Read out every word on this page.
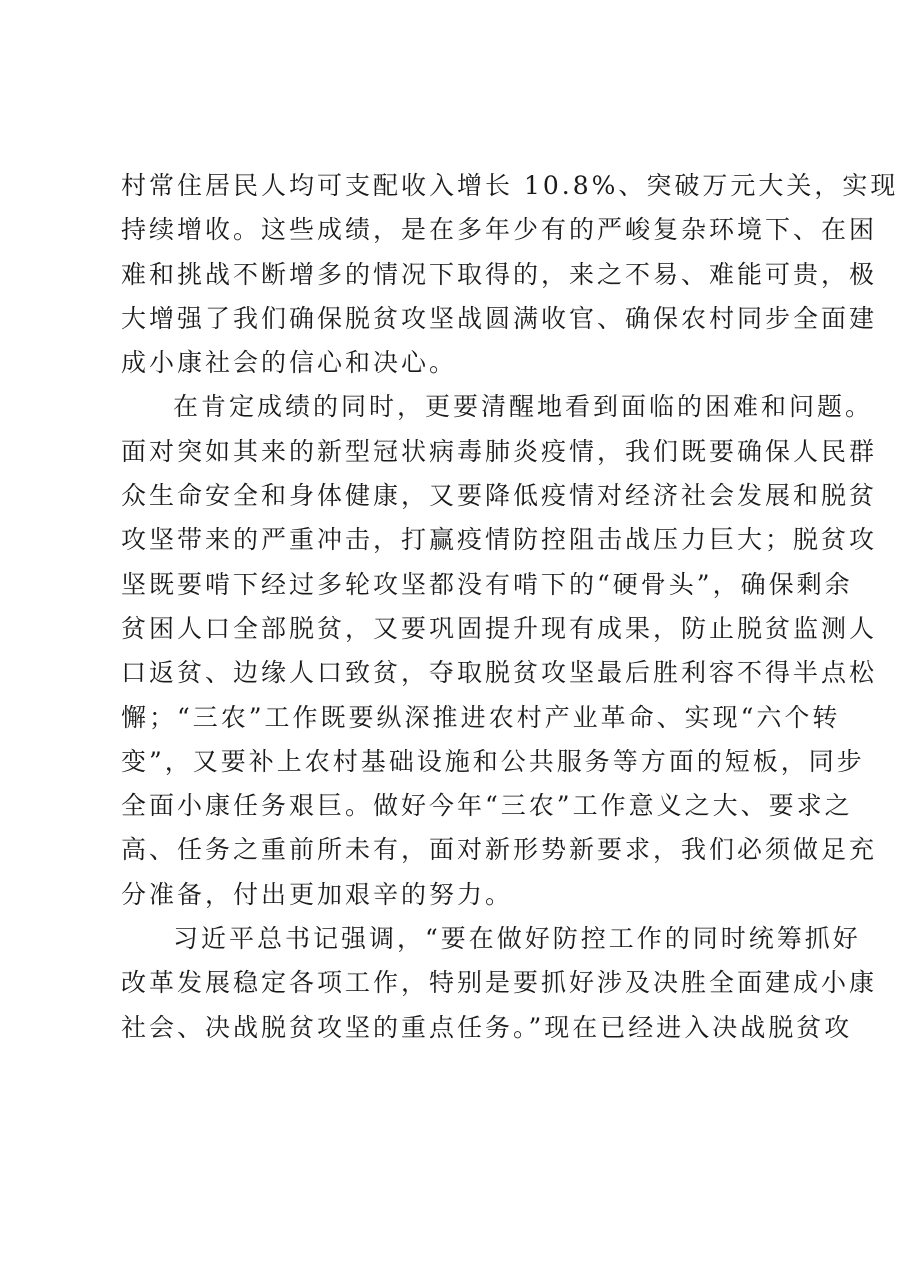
村常住居民人均可支配收入增长 10.8%、突破万元大关，实现
持续增收。这些成绩，是在多年少有的严峻复杂环境下、在困
难和挑战不断增多的情况下取得的，来之不易、难能可贵，极
大增强了我们确保脱贫攻坚战圆满收官、确保农村同步全面建
成小康社会的信心和决心。
在肯定成绩的同时，更要清醒地看到面临的困难和问题。
面对突如其来的新型冠状病毒肺炎疫情，我们既要确保人民群
众生命安全和身体健康，又要降低疫情对经济社会发展和脱贫
攻坚带来的严重冲击，打赢疫情防控阻击战压力巨大；脱贫攻
坚既要啃下经过多轮攻坚都没有啃下的“硬骨头”，确保剩余
贫困人口全部脱贫，又要巩固提升现有成果，防止脱贫监测人
口返贫、边缘人口致贫，夺取脱贫攻坚最后胜利容不得半点松
懈；“三农”工作既要纵深推进农村产业革命、实现“六个转
变”，又要补上农村基础设施和公共服务等方面的短板，同步
全面小康任务艰巨。做好今年“三农”工作意义之大、要求之
高、任务之重前所未有，面对新形势新要求，我们必须做足充
分准备，付出更加艰辛的努力。
习近平总书记强调，“要在做好防控工作的同时统筹抓好
改革发展稳定各项工作，特别是要抓好涉及决胜全面建成小康
社会、决战脱贫攻坚的重点任务。”现在已经进入决战脱贫攻
